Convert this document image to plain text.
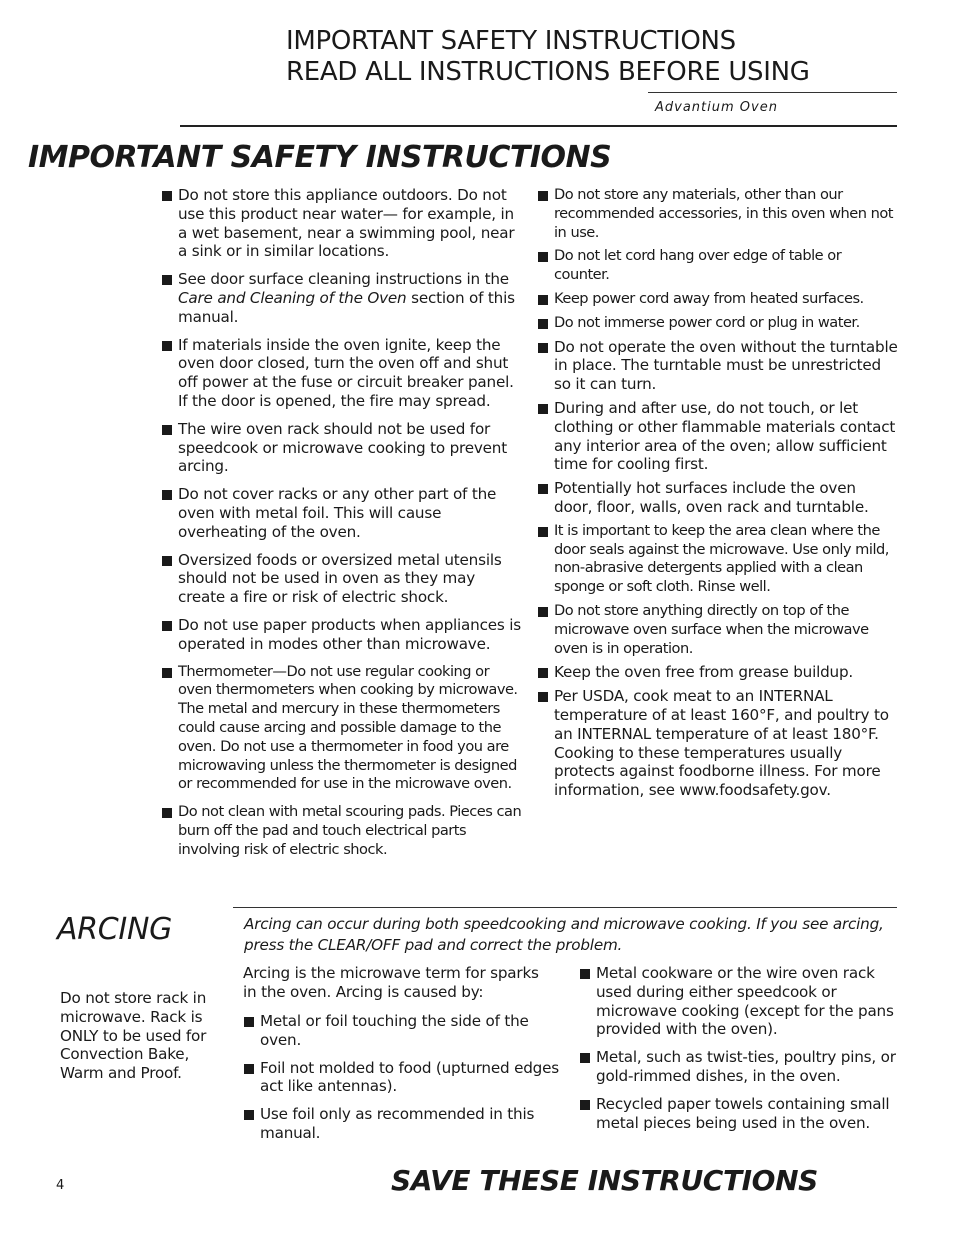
IMPORTANT SAFETY INSTRUCTIONS
READ ALL INSTRUCTIONS BEFORE USING
Advantium Oven
IMPORTANT SAFETY INSTRUCTIONS
Do not store this appliance outdoors. Do not use this product near water— for example, in a wet basement, near a swimming pool, near a sink or in similar locations.
See door surface cleaning instructions in the Care and Cleaning of the Oven section of this manual.
If materials inside the oven ignite, keep the oven door closed, turn the oven off and shut off power at the fuse or circuit breaker panel. If the door is opened, the fire may spread.
The wire oven rack should not be used for speedcook or microwave cooking to prevent arcing.
Do not cover racks or any other part of the oven with metal foil. This will cause overheating of the oven.
Oversized foods or oversized metal utensils should not be used in oven as they may create a fire or risk of electric shock.
Do not use paper products when appliances is operated in modes other than microwave.
Thermometer—Do not use regular cooking or oven thermometers when cooking by microwave. The metal and mercury in these thermometers could cause arcing and possible damage to the oven. Do not use a thermometer in food you are microwaving unless the thermometer is designed or recommended for use in the microwave oven.
Do not clean with metal scouring pads. Pieces can burn off the pad and touch electrical parts involving risk of electric shock.
Do not store any materials, other than our recommended accessories, in this oven when not in use.
Do not let cord hang over edge of table or counter.
Keep power cord away from heated surfaces.
Do not immerse power cord or plug in water.
Do not operate the oven without the turntable in place. The turntable must be unrestricted so it can turn.
During and after use, do not touch, or let clothing or other flammable materials contact any interior area of the oven; allow sufficient time for cooling first.
Potentially hot surfaces include the oven door, floor, walls, oven rack and turntable.
It is important to keep the area clean where the door seals against the microwave. Use only mild, non-abrasive detergents applied with a clean sponge or soft cloth. Rinse well.
Do not store anything directly on top of the microwave oven surface when the microwave oven is in operation.
Keep the oven free from grease buildup.
Per USDA, cook meat to an INTERNAL temperature of at least 160°F, and poultry to an INTERNAL temperature of at least 180°F. Cooking to these temperatures usually protects against foodborne illness. For more information, see www.foodsafety.gov.
ARCING	Arcing can occur during both speedcooking and microwave cooking. If you see arcing, press the CLEAR/OFF pad and correct the problem.
Do not store rack in microwave. Rack is ONLY to be used for Convection Bake, Warm and Proof.
Arcing is the microwave term for sparks in the oven. Arcing is caused by:
Metal or foil touching the side of the oven.
Foil not molded to food (upturned edges act like antennas).
Use foil only as recommended in this manual.
Metal cookware or the wire oven rack used during either speedcook or microwave cooking (except for the pans provided with the oven).
Metal, such as twist-ties, poultry pins, or gold-rimmed dishes, in the oven.
Recycled paper towels containing small metal pieces being used in the oven.
4	SAVE THESE INSTRUCTIONS
